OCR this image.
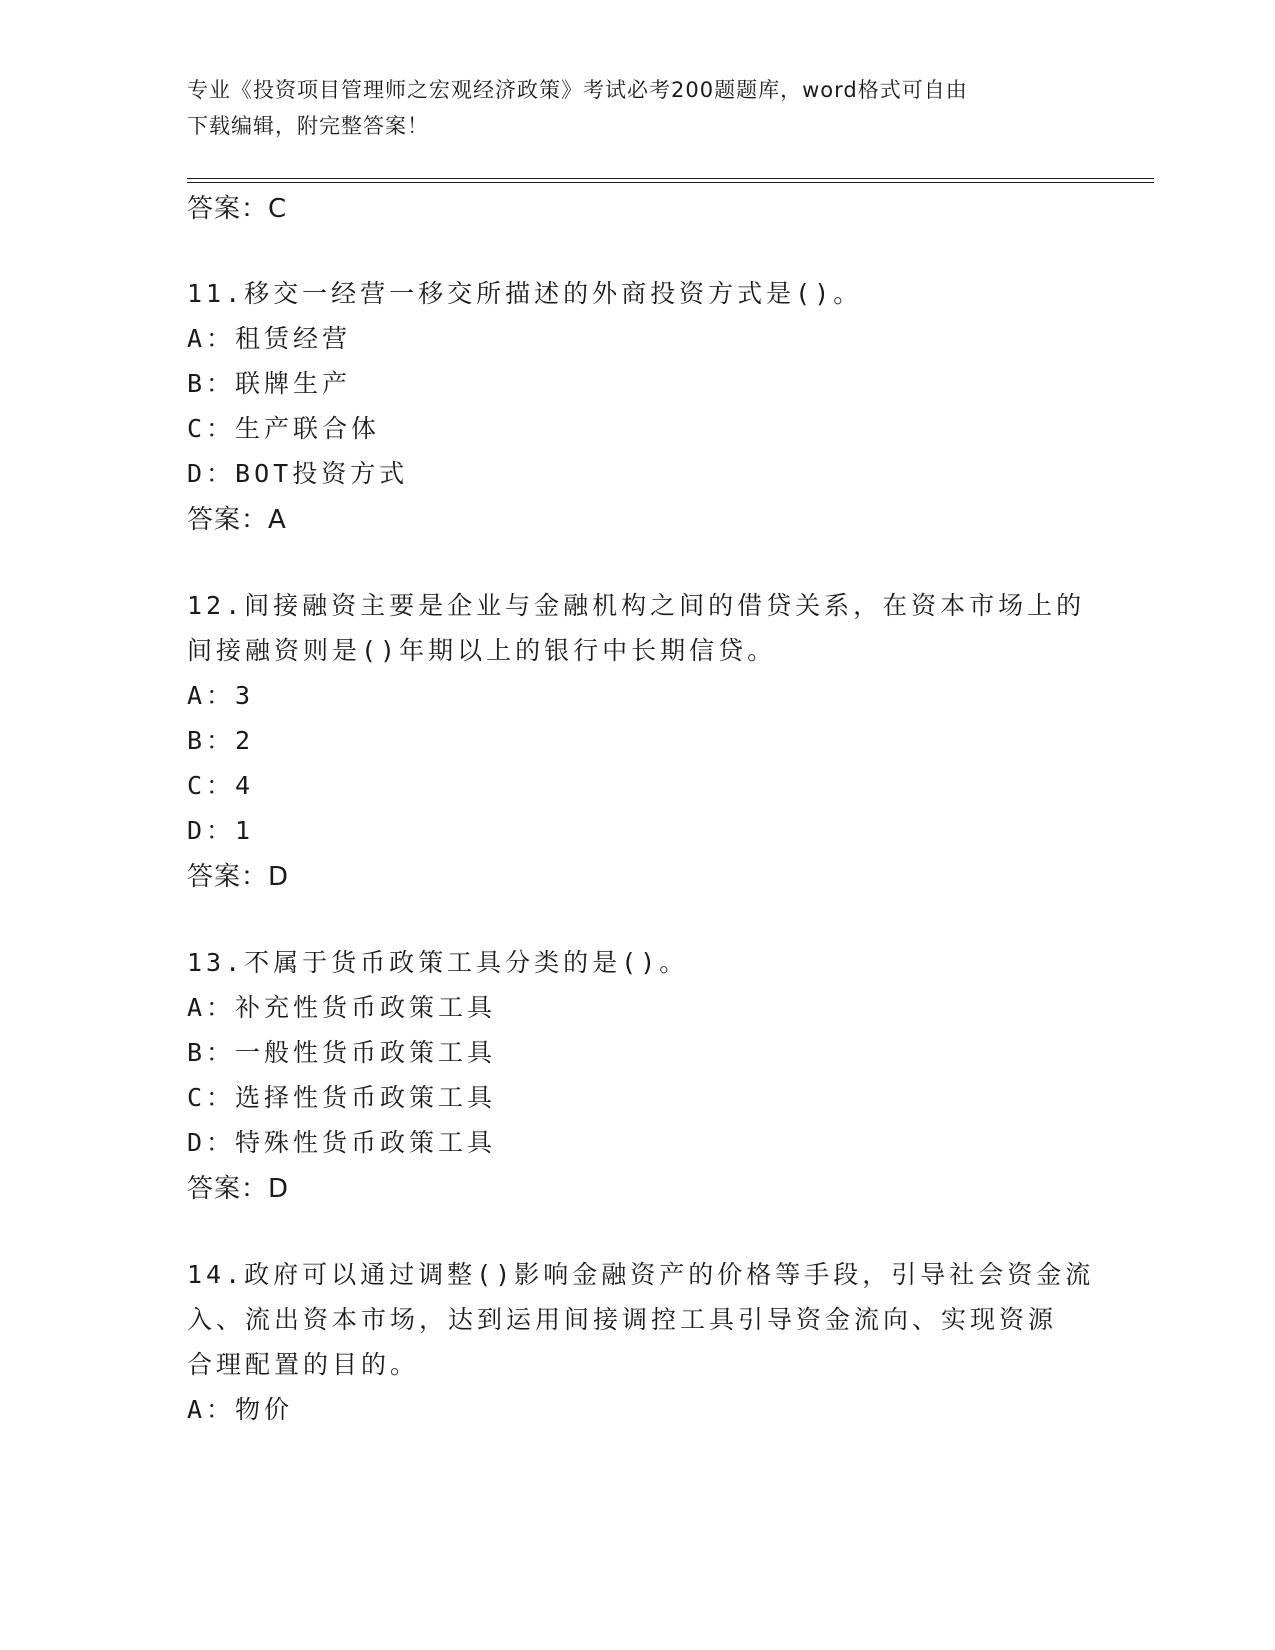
专业《投资项目管理师之宏观经济政策》考试必考200题题库，word格式可自由
下载编辑，附完整答案！
答案：C
11.移交一经营一移交所描述的外商投资方式是()。
A：租赁经营
B：联牌生产
C：生产联合体
D：BOT投资方式
答案：A
12.间接融资主要是企业与金融机构之间的借贷关系，在资本市场上的
间接融资则是()年期以上的银行中长期信贷。
A：3
B：2
C：4
D：1
答案：D
13.不属于货币政策工具分类的是()。
A：补充性货币政策工具
B：一般性货币政策工具
C：选择性货币政策工具
D：特殊性货币政策工具
答案：D
14.政府可以通过调整()影响金融资产的价格等手段，引导社会资金流
入、流出资本市场，达到运用间接调控工具引导资金流向、实现资源
合理配置的目的。
A：物价
